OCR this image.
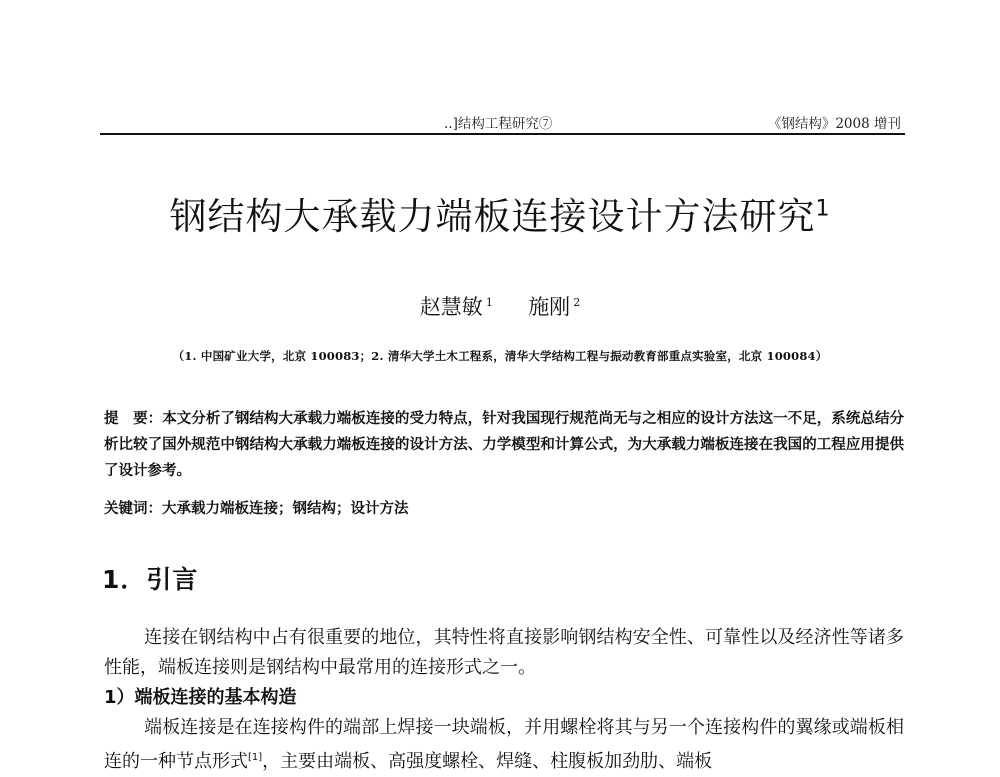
..]结构工程研究⑦	《钢结构》2008 增刊
钢结构大承载力端板连接设计方法研究$^1$
赵慧敏 $^1$ 施刚 $^2$
（1. 中国矿业大学，北京 100083；2. 清华大学土木工程系，清华大学结构工程与振动教育部重点实验室，北京 100084）
提　要：本文分析了钢结构大承载力端板连接的受力特点，针对我国现行规范尚无与之相应的设计方法这一不足，系统总结分析比较了国外规范中钢结构大承载力端板连接的设计方法、力学模型和计算公式，为大承载力端板连接在我国的工程应用提供了设计参考。
关键词：大承载力端板连接；钢结构；设计方法
1．引言
连接在钢结构中占有很重要的地位，其特性将直接影响钢结构安全性、可靠性以及经济性等诸多性能，端板连接则是钢结构中最常用的连接形式之一。
1）端板连接的基本构造
端板连接是在连接构件的端部上焊接一块端板，并用螺栓将其与另一个连接构件的翼缘或端板相连的一种节点形式[1]，主要由端板、高强度螺栓、焊缝、柱腹板加劲肋、端板
